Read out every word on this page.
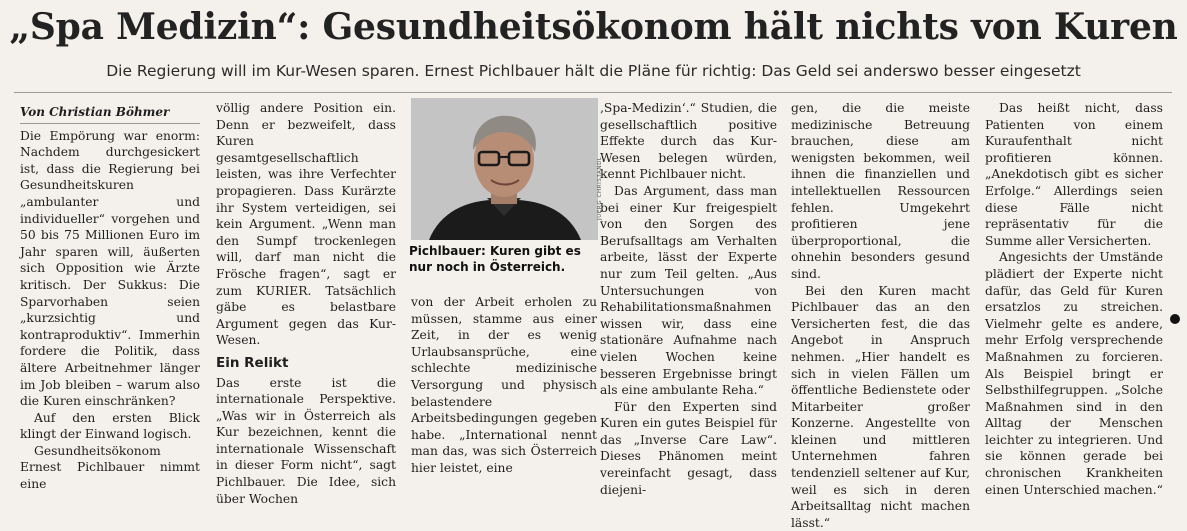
„Spa Medizin“: Gesundheitsökonom hält nichts von Kuren
Die Regierung will im Kur-Wesen sparen. Ernest Pichlbauer hält die Pläne für richtig: Das Geld sei anderswo besser eingesetzt
Von Christian Böhmer

Die Empörung war enorm: Nachdem durchgesickert ist, dass die Regierung bei Gesundheitskuren „ambulanter und individueller“ vorgehen und 50 bis 75 Millionen Euro im Jahr sparen will, äußerten sich Opposition wie Ärzte kritisch. Der Sukkus: Die Sparvorhaben seien „kurzsichtig und kontraproduktiv“. Immerhin fordere die Politik, dass ältere Arbeitnehmer länger im Job bleiben – warum also die Kuren einschränken?

Auf den ersten Blick klingt der Einwand logisch.

Gesundheitsökonom Ernest Pichlbauer nimmt eine

völlig andere Position ein. Denn er bezweifelt, dass Kuren gesamtgesellschaftlich leisten, was ihre Verfechter propagieren. Dass Kurärzte ihr System verteidigen, sei kein Argument. „Wenn man den Sumpf trockenlegen will, darf man nicht die Frösche fragen“, sagt er zum KURIER. Tatsächlich gäbe es belastbare Argument gegen das Kur-Wesen.

Ein Relikt

Das erste ist die internationale Perspektive. „Was wir in Österreich als Kur bezeichnen, kennt die internationale Wissenschaft in dieser Form nicht“, sagt Pichlbauer. Die Idee, sich über Wochen

JUERG CHRISTANDL
Pichlbauer: Kuren gibt es nur noch in Österreich.

von der Arbeit erholen zu müssen, stamme aus einer Zeit, in der es wenig Urlaubsansprüche, eine schlechte medizinische Versorgung und physisch belastendere Arbeitsbedingungen gegeben habe. „International nennt man das, was sich Österreich hier leistet, eine

‚Spa-Medizin‘.“ Studien, die gesellschaftlich positive Effekte durch das Kur-Wesen belegen würden, kennt Pichlbauer nicht.

Das Argument, dass man bei einer Kur freigespielt von den Sorgen des Berufsalltags am Verhalten arbeite, lässt der Experte nur zum Teil gelten. „Aus Untersuchungen von Rehabilitationsmaßnahmen wissen wir, dass eine stationäre Aufnahme nach vielen Wochen keine besseren Ergebnisse bringt als eine ambulante Reha.“

Für den Experten sind Kuren ein gutes Beispiel für das „Inverse Care Law“. Dieses Phänomen meint vereinfacht gesagt, dass diejeni-

gen, die die meiste medizinische Betreuung brauchen, diese am wenigsten bekommen, weil ihnen die finanziellen und intellektuellen Ressourcen fehlen. Umgekehrt profitieren jene überproportional, die ohnehin besonders gesund sind.

Bei den Kuren macht Pichlbauer das an den Versicherten fest, die das Angebot in Anspruch nehmen. „Hier handelt es sich in vielen Fällen um öffentliche Bedienstete oder Mitarbeiter großer Konzerne. Angestellte von kleinen und mittleren Unternehmen fahren tendenziell seltener auf Kur, weil es sich in deren Arbeitsalltag nicht machen lässt.“

Das heißt nicht, dass Patienten von einem Kuraufenthalt nicht profitieren können. „Anekdotisch gibt es sicher Erfolge.“ Allerdings seien diese Fälle nicht repräsentativ für die Summe aller Versicherten.

Angesichts der Umstände plädiert der Experte nicht dafür, das Geld für Kuren ersatzlos zu streichen. Vielmehr gelte es andere, mehr Erfolg versprechende Maßnahmen zu forcieren. Als Beispiel bringt er Selbsthilfegruppen. „Solche Maßnahmen sind in den Alltag der Menschen leichter zu integrieren. Und sie können gerade bei chronischen Krankheiten einen Unterschied machen.“
